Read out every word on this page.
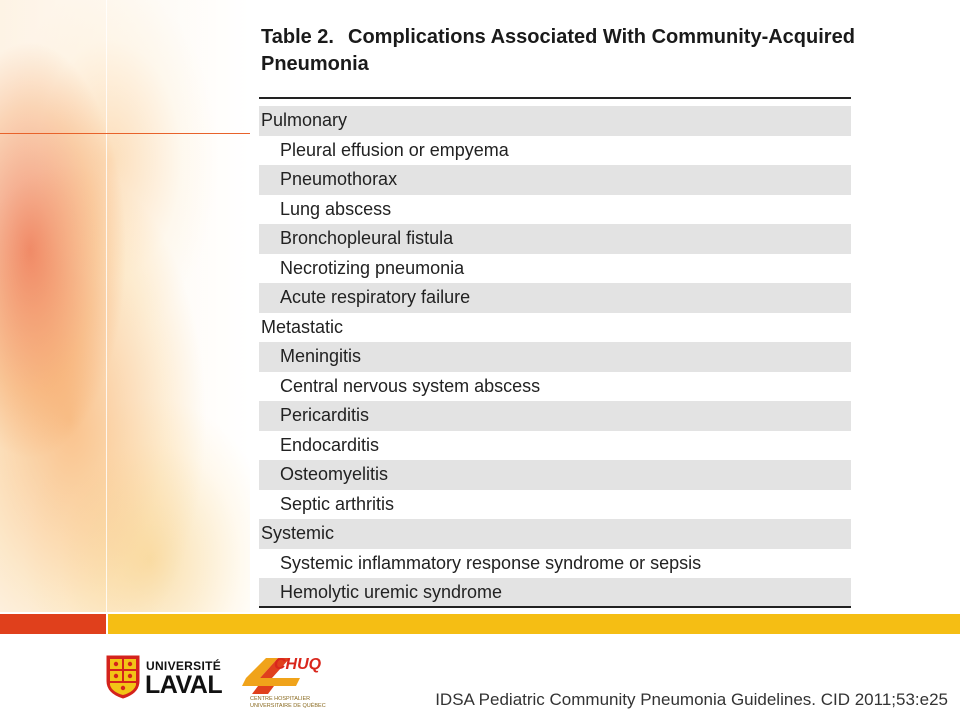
Table 2. Complications Associated With Community-Acquired Pneumonia
Pulmonary
Pleural effusion or empyema
Pneumothorax
Lung abscess
Bronchopleural fistula
Necrotizing pneumonia
Acute respiratory failure
Metastatic
Meningitis
Central nervous system abscess
Pericarditis
Endocarditis
Osteomyelitis
Septic arthritis
Systemic
Systemic inflammatory response syndrome or sepsis
Hemolytic uremic syndrome
UNIVERSITÉ
LAVAL
CHUQ
CENTRE HOSPITALIER
UNIVERSITAIRE DE QUÉBEC	IDSA Pediatric Community Pneumonia Guidelines. CID 2011;53:e25
